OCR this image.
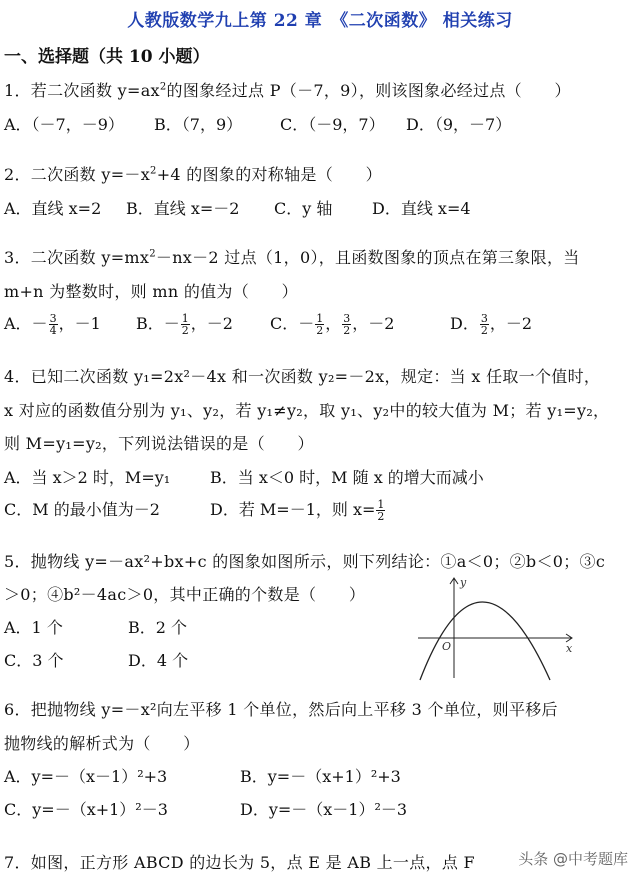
人教版数学九上第 22 章　《二次函数》 相关练习
一、选择题（共 10 小题）
1．若二次函数 $y=ax^2$的图象经过点 P（－7，9），则该图象必经过点（　　）
A．（－7，－9） B．（7，9） C．（－9，7） D．（9，－7）
2．二次函数 $y=-x^2+4$ 的图象的对称轴是（　　）
A．直线 x=2 B．直线 x=－2 C．y 轴 D．直线 x=4
3．二次函数 $y=mx^2-nx-2$ 过点（1，0），且函数图象的顶点在第三象限，当
m+n 为整数时，则 mn 的值为（　　）
A．－ $\frac{3}{4}$ ，－1 B．－ $\frac{1}{2}$ ，－2 C．－ $\frac{1}{2}$ ， $\frac{3}{2}$ ，－2	D． $\frac{3}{2}$ ，－2
4．已知二次函数 y₁=2x²－4x 和一次函数 y₂=－2x，规定：当 x 任取一个值时，
x 对应的函数值分别为 y₁、y₂，若 y₁≠y₂，取 y₁、y₂中的较大值为 M；若 y₁=y₂，
则 M=y₁=y₂，下列说法错误的是（　　）
A．当 x＞2 时，M=y₁ B．当 x＜0 时，M 随 x 的增大而减小
C．M 的最小值为－2	D．若 M=－1，则 $x= \frac{1}{2}$
5．抛物线 y=－ax²+bx+c 的图象如图所示，则下列结论：①a＜0；②b＜0；③c
＞0；④b²－4ac＞0，其中正确的个数是（　　）
A．1 个	B．2 个
C．3 个	D．4 个
y
x
O
6．把抛物线 y=－x²向左平移 1 个单位，然后向上平移 3 个单位，则平移后
抛物线的解析式为（　　）
A．y=－（x－1）²+3	B．y=－（x+1）²+3
C．y=－（x+1）²－3	D．y=－（x－1）²－3
7．如图，正方形 ABCD 的边长为 5，点 E 是 AB 上一点，点 F	头条 @中考题库
